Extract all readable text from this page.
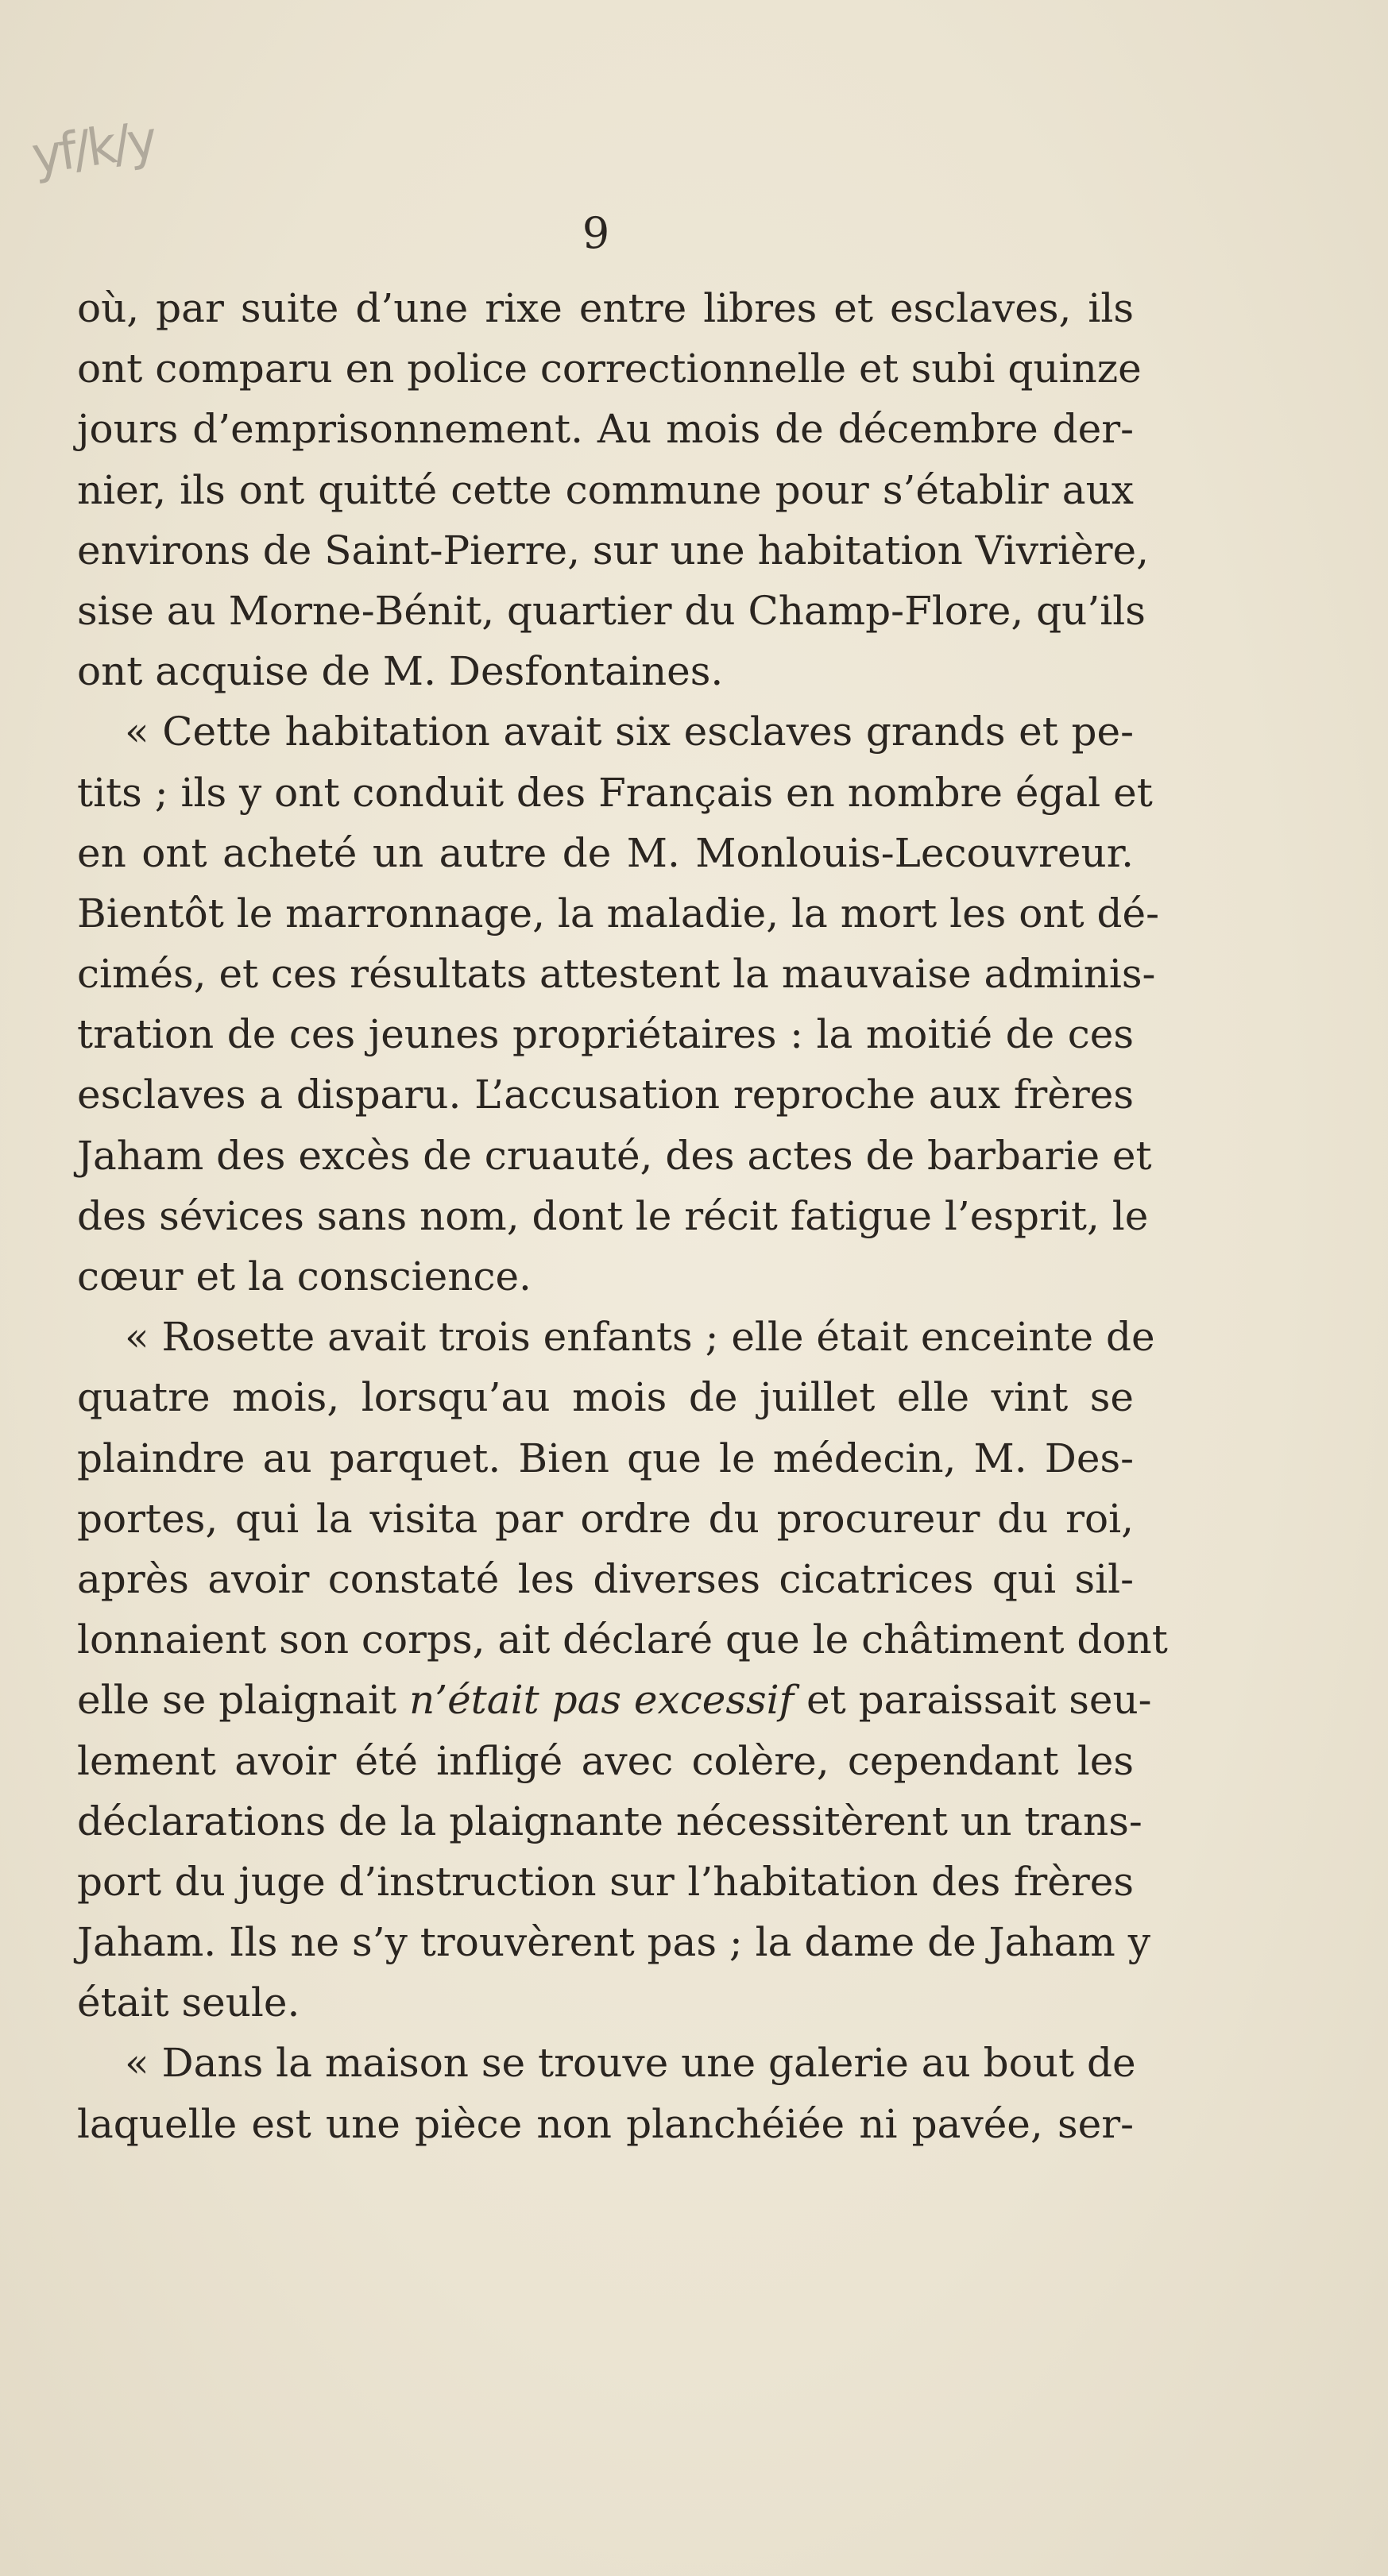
yf/k/y
9
où, par suite d’une rixe entre libres et esclaves, ils
ont comparu en police correctionnelle et subi quinze
jours d’emprisonnement. Au mois de décembre der-
nier, ils ont quitté cette commune pour s’établir aux
environs de Saint-Pierre, sur une habitation Vivrière,
sise au Morne-Bénit, quartier du Champ-Flore, qu’ils
ont acquise de M. Desfontaines.
« Cette habitation avait six esclaves grands et pe-
tits ; ils y ont conduit des Français en nombre égal et
en ont acheté un autre de M. Monlouis-Lecouvreur.
Bientôt le marronnage, la maladie, la mort les ont dé-
cimés, et ces résultats attestent la mauvaise adminis-
tration de ces jeunes propriétaires : la moitié de ces
esclaves a disparu. L’accusation reproche aux frères
Jaham des excès de cruauté, des actes de barbarie et
des sévices sans nom, dont le récit fatigue l’esprit, le
cœur et la conscience.
« Rosette avait trois enfants ; elle était enceinte de
quatre mois, lorsqu’au mois de juillet elle vint se
plaindre au parquet. Bien que le médecin, M. Des-
portes, qui la visita par ordre du procureur du roi,
après avoir constaté les diverses cicatrices qui sil-
lonnaient son corps, ait déclaré que le châtiment dont
elle se plaignait n’était pas excessif et paraissait seu-
lement avoir été infligé avec colère, cependant les
déclarations de la plaignante nécessitèrent un trans-
port du juge d’instruction sur l’habitation des frères
Jaham. Ils ne s’y trouvèrent pas ; la dame de Jaham y
était seule.
« Dans la maison se trouve une galerie au bout de
laquelle est une pièce non planchéiée ni pavée, ser-
